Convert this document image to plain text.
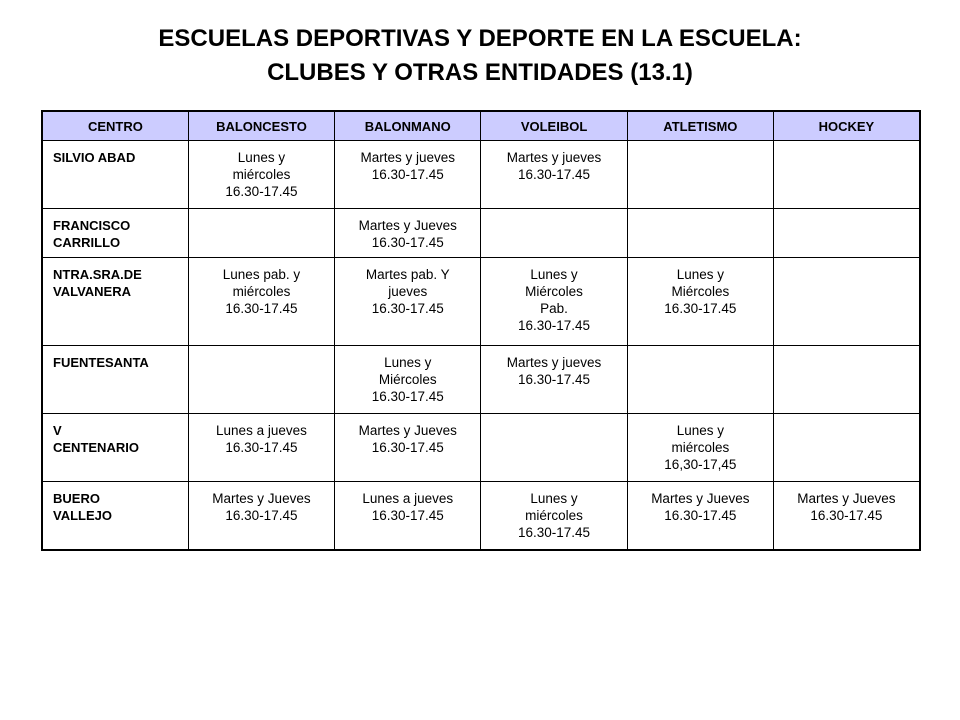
ESCUELAS DEPORTIVAS Y DEPORTE EN LA ESCUELA:
CLUBES Y OTRAS ENTIDADES (13.1)
CENTRO	BALONCESTO	BALONMANO	VOLEIBOL	ATLETISMO	HOCKEY
SILVIO ABAD	Lunes y
miércoles
16.30-17.45	Martes y jueves
16.30-17.45	Martes y jueves
16.30-17.45		
FRANCISCO
CARRILLO		Martes y Jueves
16.30-17.45			
NTRA.SRA.DE
VALVANERA	Lunes pab. y
miércoles
16.30-17.45	Martes pab. Y
jueves
16.30-17.45	Lunes y
Miércoles
Pab.
16.30-17.45	Lunes y
Miércoles
16.30-17.45	
FUENTESANTA		Lunes y
Miércoles
16.30-17.45	Martes y jueves
16.30-17.45		
V
CENTENARIO	Lunes a jueves
16.30-17.45	Martes y Jueves
16.30-17.45		Lunes y
miércoles
16,30-17,45	
BUERO
VALLEJO	Martes y Jueves
16.30-17.45	Lunes a jueves
16.30-17.45	Lunes y
miércoles
16.30-17.45	Martes y Jueves
16.30-17.45	Martes y Jueves
16.30-17.45
